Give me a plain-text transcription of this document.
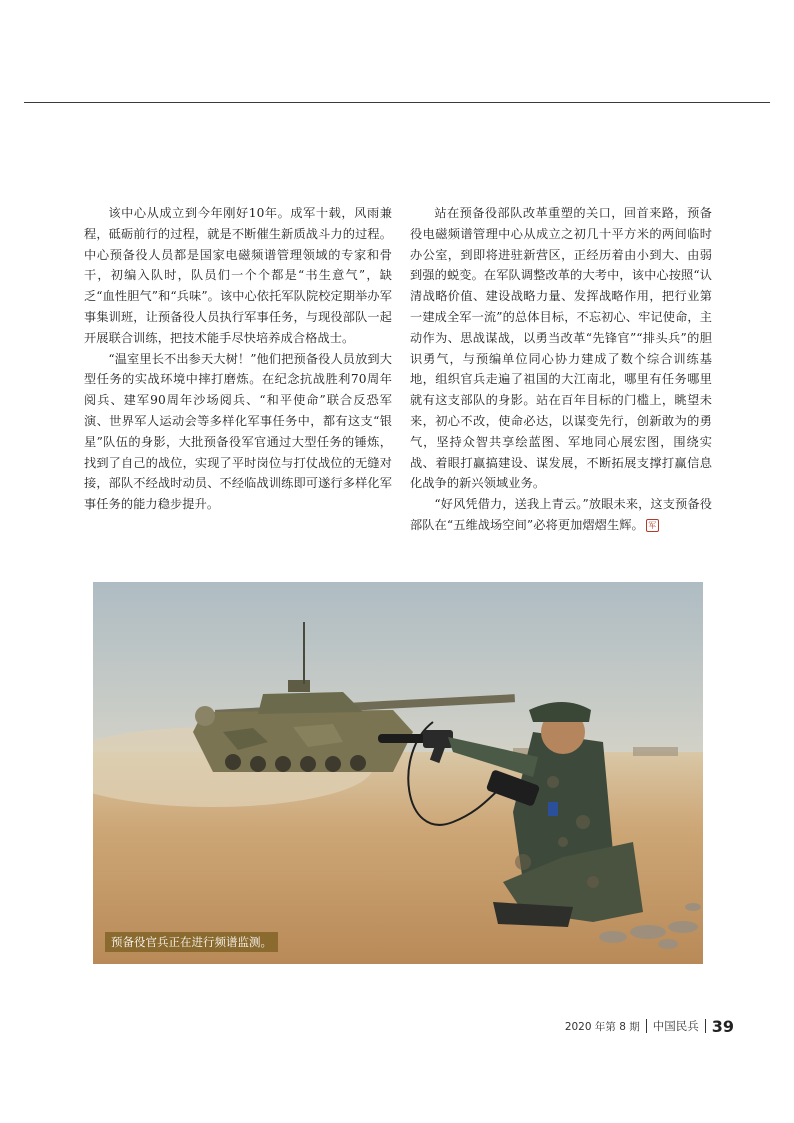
该中心从成立到今年刚好10年。成军十载，风雨兼程，砥砺前行的过程，就是不断催生新质战斗力的过程。中心预备役人员都是国家电磁频谱管理领域的专家和骨干，初编入队时，队员们一个个都是“书生意气”，缺乏“血性胆气”和“兵味”。该中心依托军队院校定期举办军事集训班，让预备役人员执行军事任务，与现役部队一起开展联合训练，把技术能手尽快培养成合格战士。

“温室里长不出参天大树！”他们把预备役人员放到大型任务的实战环境中摔打磨炼。在纪念抗战胜利70周年阅兵、建军90周年沙场阅兵、“和平使命”联合反恐军演、世界军人运动会等多样化军事任务中，都有这支“银星”队伍的身影，大批预备役军官通过大型任务的锤炼，找到了自己的战位，实现了平时岗位与打仗战位的无缝对接，部队不经战时动员、不经临战训练即可遂行多样化军事任务的能力稳步提升。

站在预备役部队改革重塑的关口，回首来路，预备役电磁频谱管理中心从成立之初几十平方米的两间临时办公室，到即将进驻新营区，正经历着由小到大、由弱到强的蜕变。在军队调整改革的大考中，该中心按照“认清战略价值、建设战略力量、发挥战略作用，把行业第一建成全军一流”的总体目标，不忘初心、牢记使命，主动作为、思战谋战，以勇当改革“先锋官”“排头兵”的胆识勇气，与预编单位同心协力建成了数个综合训练基地，组织官兵走遍了祖国的大江南北，哪里有任务哪里就有这支部队的身影。站在百年目标的门槛上，眺望未来，初心不改，使命必达，以谋变先行，创新敢为的勇气，坚持众智共享绘蓝图、军地同心展宏图，围绕实战、着眼打赢搞建设、谋发展，不断拓展支撑打赢信息化战争的新兴领域业务。

“好风凭借力，送我上青云。”放眼未来，这支预备役部队在“五维战场空间”必将更加熠熠生辉。 军

预备役官兵正在进行频谱监测。
2020 年第 8 期 中国民兵 39
